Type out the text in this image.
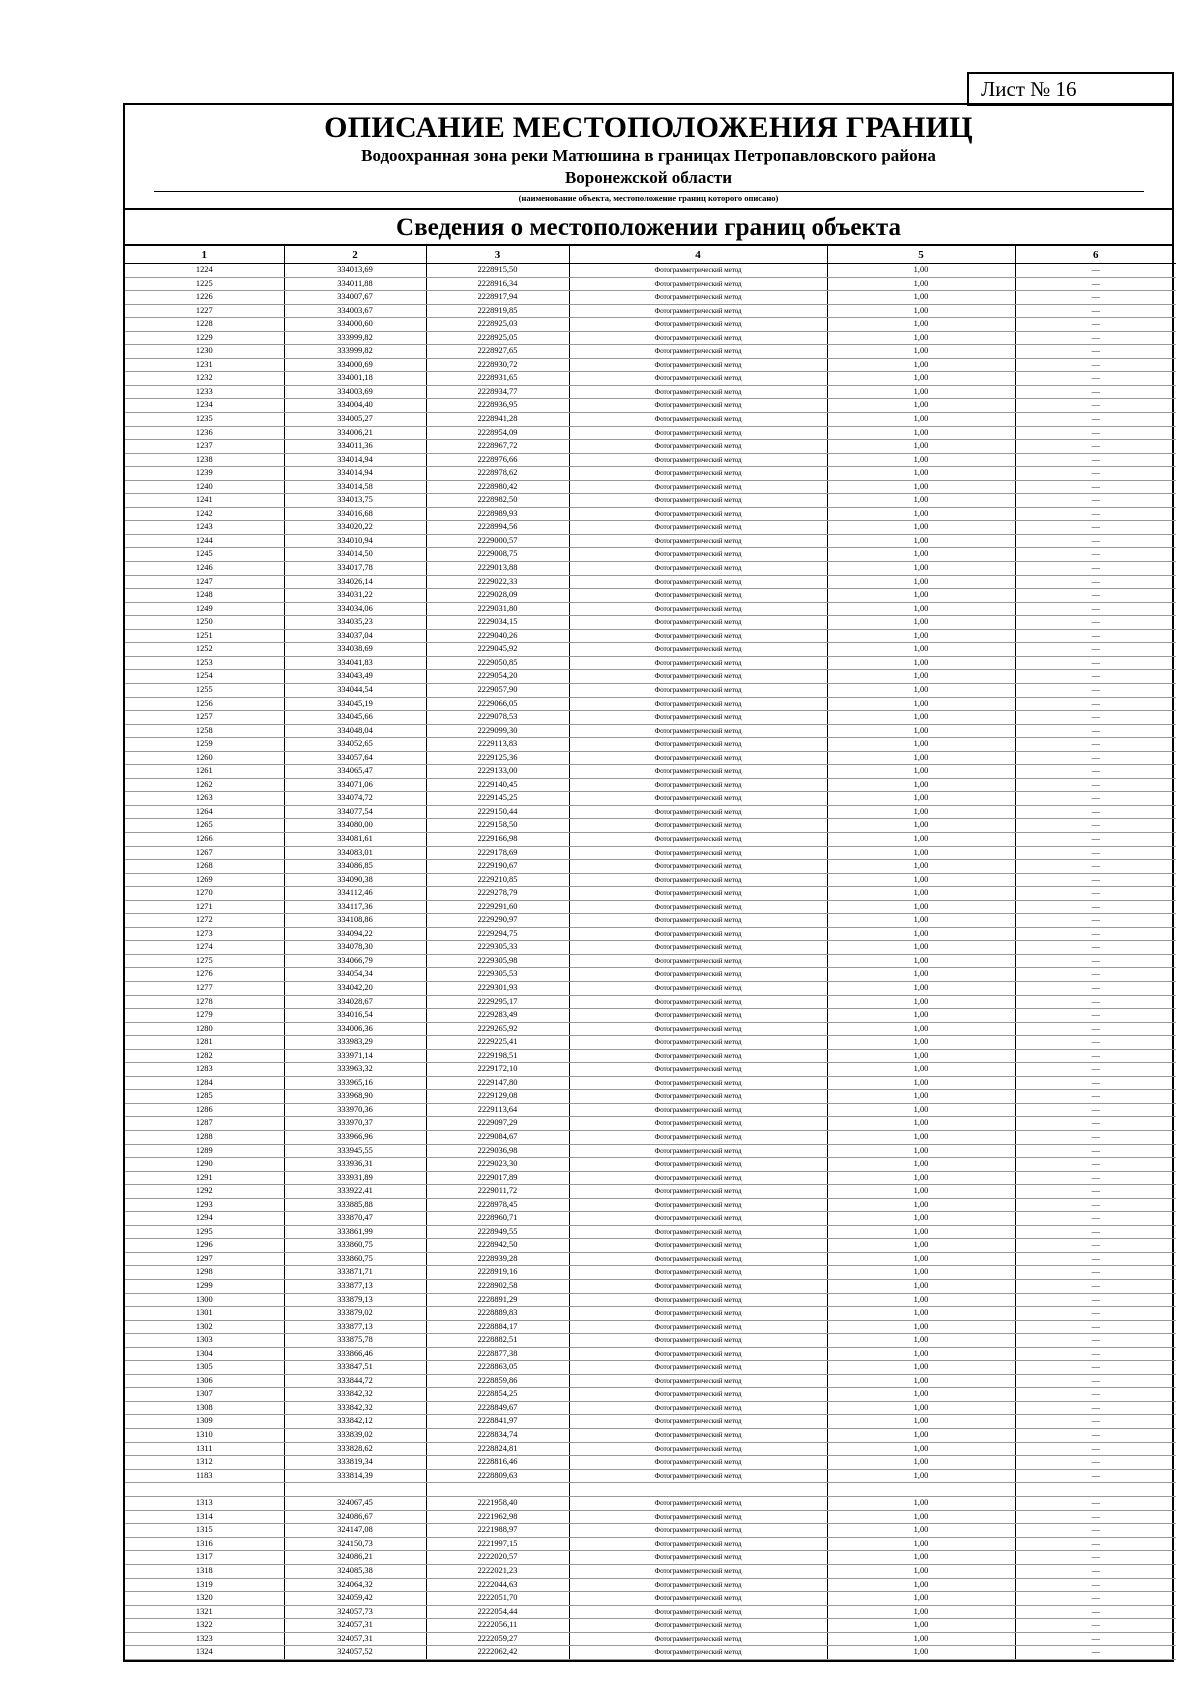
Лист № 16
ОПИСАНИЕ МЕСТОПОЛОЖЕНИЯ ГРАНИЦ
Водоохранная зона реки Матюшина в границах Петропавловского района
Воронежской области
(наименование объекта, местоположение границ которого описано)
Сведения о местоположении границ объекта
1	2	3	4	5	6
1224	334013,69	2228915,50	Фотограмметрический метод	1,00	—
1225	334011,88	2228916,34	Фотограмметрический метод	1,00	—
1226	334007,67	2228917,94	Фотограмметрический метод	1,00	—
1227	334003,67	2228919,85	Фотограмметрический метод	1,00	—
1228	334000,60	2228925,03	Фотограмметрический метод	1,00	—
1229	333999,82	2228925,05	Фотограмметрический метод	1,00	—
1230	333999,82	2228927,65	Фотограмметрический метод	1,00	—
1231	334000,69	2228930,72	Фотограмметрический метод	1,00	—
1232	334001,18	2228931,65	Фотограмметрический метод	1,00	—
1233	334003,69	2228934,77	Фотограмметрический метод	1,00	—
1234	334004,40	2228936,95	Фотограмметрический метод	1,00	—
1235	334005,27	2228941,28	Фотограмметрический метод	1,00	—
1236	334006,21	2228954,09	Фотограмметрический метод	1,00	—
1237	334011,36	2228967,72	Фотограмметрический метод	1,00	—
1238	334014,94	2228976,66	Фотограмметрический метод	1,00	—
1239	334014,94	2228978,62	Фотограмметрический метод	1,00	—
1240	334014,58	2228980,42	Фотограмметрический метод	1,00	—
1241	334013,75	2228982,50	Фотограмметрический метод	1,00	—
1242	334016,68	2228989,93	Фотограмметрический метод	1,00	—
1243	334020,22	2228994,56	Фотограмметрический метод	1,00	—
1244	334010,94	2229000,57	Фотограмметрический метод	1,00	—
1245	334014,50	2229008,75	Фотограмметрический метод	1,00	—
1246	334017,78	2229013,88	Фотограмметрический метод	1,00	—
1247	334026,14	2229022,33	Фотограмметрический метод	1,00	—
1248	334031,22	2229028,09	Фотограмметрический метод	1,00	—
1249	334034,06	2229031,80	Фотограмметрический метод	1,00	—
1250	334035,23	2229034,15	Фотограмметрический метод	1,00	—
1251	334037,04	2229040,26	Фотограмметрический метод	1,00	—
1252	334038,69	2229045,92	Фотограмметрический метод	1,00	—
1253	334041,83	2229050,85	Фотограмметрический метод	1,00	—
1254	334043,49	2229054,20	Фотограмметрический метод	1,00	—
1255	334044,54	2229057,90	Фотограмметрический метод	1,00	—
1256	334045,19	2229066,05	Фотограмметрический метод	1,00	—
1257	334045,66	2229078,53	Фотограмметрический метод	1,00	—
1258	334048,04	2229099,30	Фотограмметрический метод	1,00	—
1259	334052,65	2229113,83	Фотограмметрический метод	1,00	—
1260	334057,64	2229125,36	Фотограмметрический метод	1,00	—
1261	334065,47	2229133,00	Фотограмметрический метод	1,00	—
1262	334071,06	2229140,45	Фотограмметрический метод	1,00	—
1263	334074,72	2229145,25	Фотограмметрический метод	1,00	—
1264	334077,54	2229150,44	Фотограмметрический метод	1,00	—
1265	334080,00	2229158,50	Фотограмметрический метод	1,00	—
1266	334081,61	2229166,98	Фотограмметрический метод	1,00	—
1267	334083,01	2229178,69	Фотограмметрический метод	1,00	—
1268	334086,85	2229190,67	Фотограмметрический метод	1,00	—
1269	334090,38	2229210,85	Фотограмметрический метод	1,00	—
1270	334112,46	2229278,79	Фотограмметрический метод	1,00	—
1271	334117,36	2229291,60	Фотограмметрический метод	1,00	—
1272	334108,86	2229290,97	Фотограмметрический метод	1,00	—
1273	334094,22	2229294,75	Фотограмметрический метод	1,00	—
1274	334078,30	2229305,33	Фотограмметрический метод	1,00	—
1275	334066,79	2229305,98	Фотограмметрический метод	1,00	—
1276	334054,34	2229305,53	Фотограмметрический метод	1,00	—
1277	334042,20	2229301,93	Фотограмметрический метод	1,00	—
1278	334028,67	2229295,17	Фотограмметрический метод	1,00	—
1279	334016,54	2229283,49	Фотограмметрический метод	1,00	—
1280	334006,36	2229265,92	Фотограмметрический метод	1,00	—
1281	333983,29	2229225,41	Фотограмметрический метод	1,00	—
1282	333971,14	2229198,51	Фотограмметрический метод	1,00	—
1283	333963,32	2229172,10	Фотограмметрический метод	1,00	—
1284	333965,16	2229147,80	Фотограмметрический метод	1,00	—
1285	333968,90	2229129,08	Фотограмметрический метод	1,00	—
1286	333970,36	2229113,64	Фотограмметрический метод	1,00	—
1287	333970,37	2229097,29	Фотограмметрический метод	1,00	—
1288	333966,96	2229084,67	Фотограмметрический метод	1,00	—
1289	333945,55	2229036,98	Фотограмметрический метод	1,00	—
1290	333936,31	2229023,30	Фотограмметрический метод	1,00	—
1291	333931,89	2229017,89	Фотограмметрический метод	1,00	—
1292	333922,41	2229011,72	Фотограмметрический метод	1,00	—
1293	333885,88	2228978,45	Фотограмметрический метод	1,00	—
1294	333870,47	2228960,71	Фотограмметрический метод	1,00	—
1295	333861,99	2228949,55	Фотограмметрический метод	1,00	—
1296	333860,75	2228942,50	Фотограмметрический метод	1,00	—
1297	333860,75	2228939,28	Фотограмметрический метод	1,00	—
1298	333871,71	2228919,16	Фотограмметрический метод	1,00	—
1299	333877,13	2228902,58	Фотограмметрический метод	1,00	—
1300	333879,13	2228891,29	Фотограмметрический метод	1,00	—
1301	333879,02	2228889,83	Фотограмметрический метод	1,00	—
1302	333877,13	2228884,17	Фотограмметрический метод	1,00	—
1303	333875,78	2228882,51	Фотограмметрический метод	1,00	—
1304	333866,46	2228877,38	Фотограмметрический метод	1,00	—
1305	333847,51	2228863,05	Фотограмметрический метод	1,00	—
1306	333844,72	2228859,86	Фотограмметрический метод	1,00	—
1307	333842,32	2228854,25	Фотограмметрический метод	1,00	—
1308	333842,32	2228849,67	Фотограмметрический метод	1,00	—
1309	333842,12	2228841,97	Фотограмметрический метод	1,00	—
1310	333839,02	2228834,74	Фотограмметрический метод	1,00	—
1311	333828,62	2228824,81	Фотограмметрический метод	1,00	—
1312	333819,34	2228816,46	Фотограмметрический метод	1,00	—
1183	333814,39	2228809,63	Фотограмметрический метод	1,00	—

1313	324067,45	2221958,40	Фотограмметрический метод	1,00	—
1314	324086,67	2221962,98	Фотограмметрический метод	1,00	—
1315	324147,08	2221988,97	Фотограмметрический метод	1,00	—
1316	324150,73	2221997,15	Фотограмметрический метод	1,00	—
1317	324086,21	2222020,57	Фотограмметрический метод	1,00	—
1318	324085,38	2222021,23	Фотограмметрический метод	1,00	—
1319	324064,32	2222044,63	Фотограмметрический метод	1,00	—
1320	324059,42	2222051,70	Фотограмметрический метод	1,00	—
1321	324057,73	2222054,44	Фотограмметрический метод	1,00	—
1322	324057,31	2222056,11	Фотограмметрический метод	1,00	—
1323	324057,31	2222059,27	Фотограмметрический метод	1,00	—
1324	324057,52	2222062,42	Фотограмметрический метод	1,00	—
